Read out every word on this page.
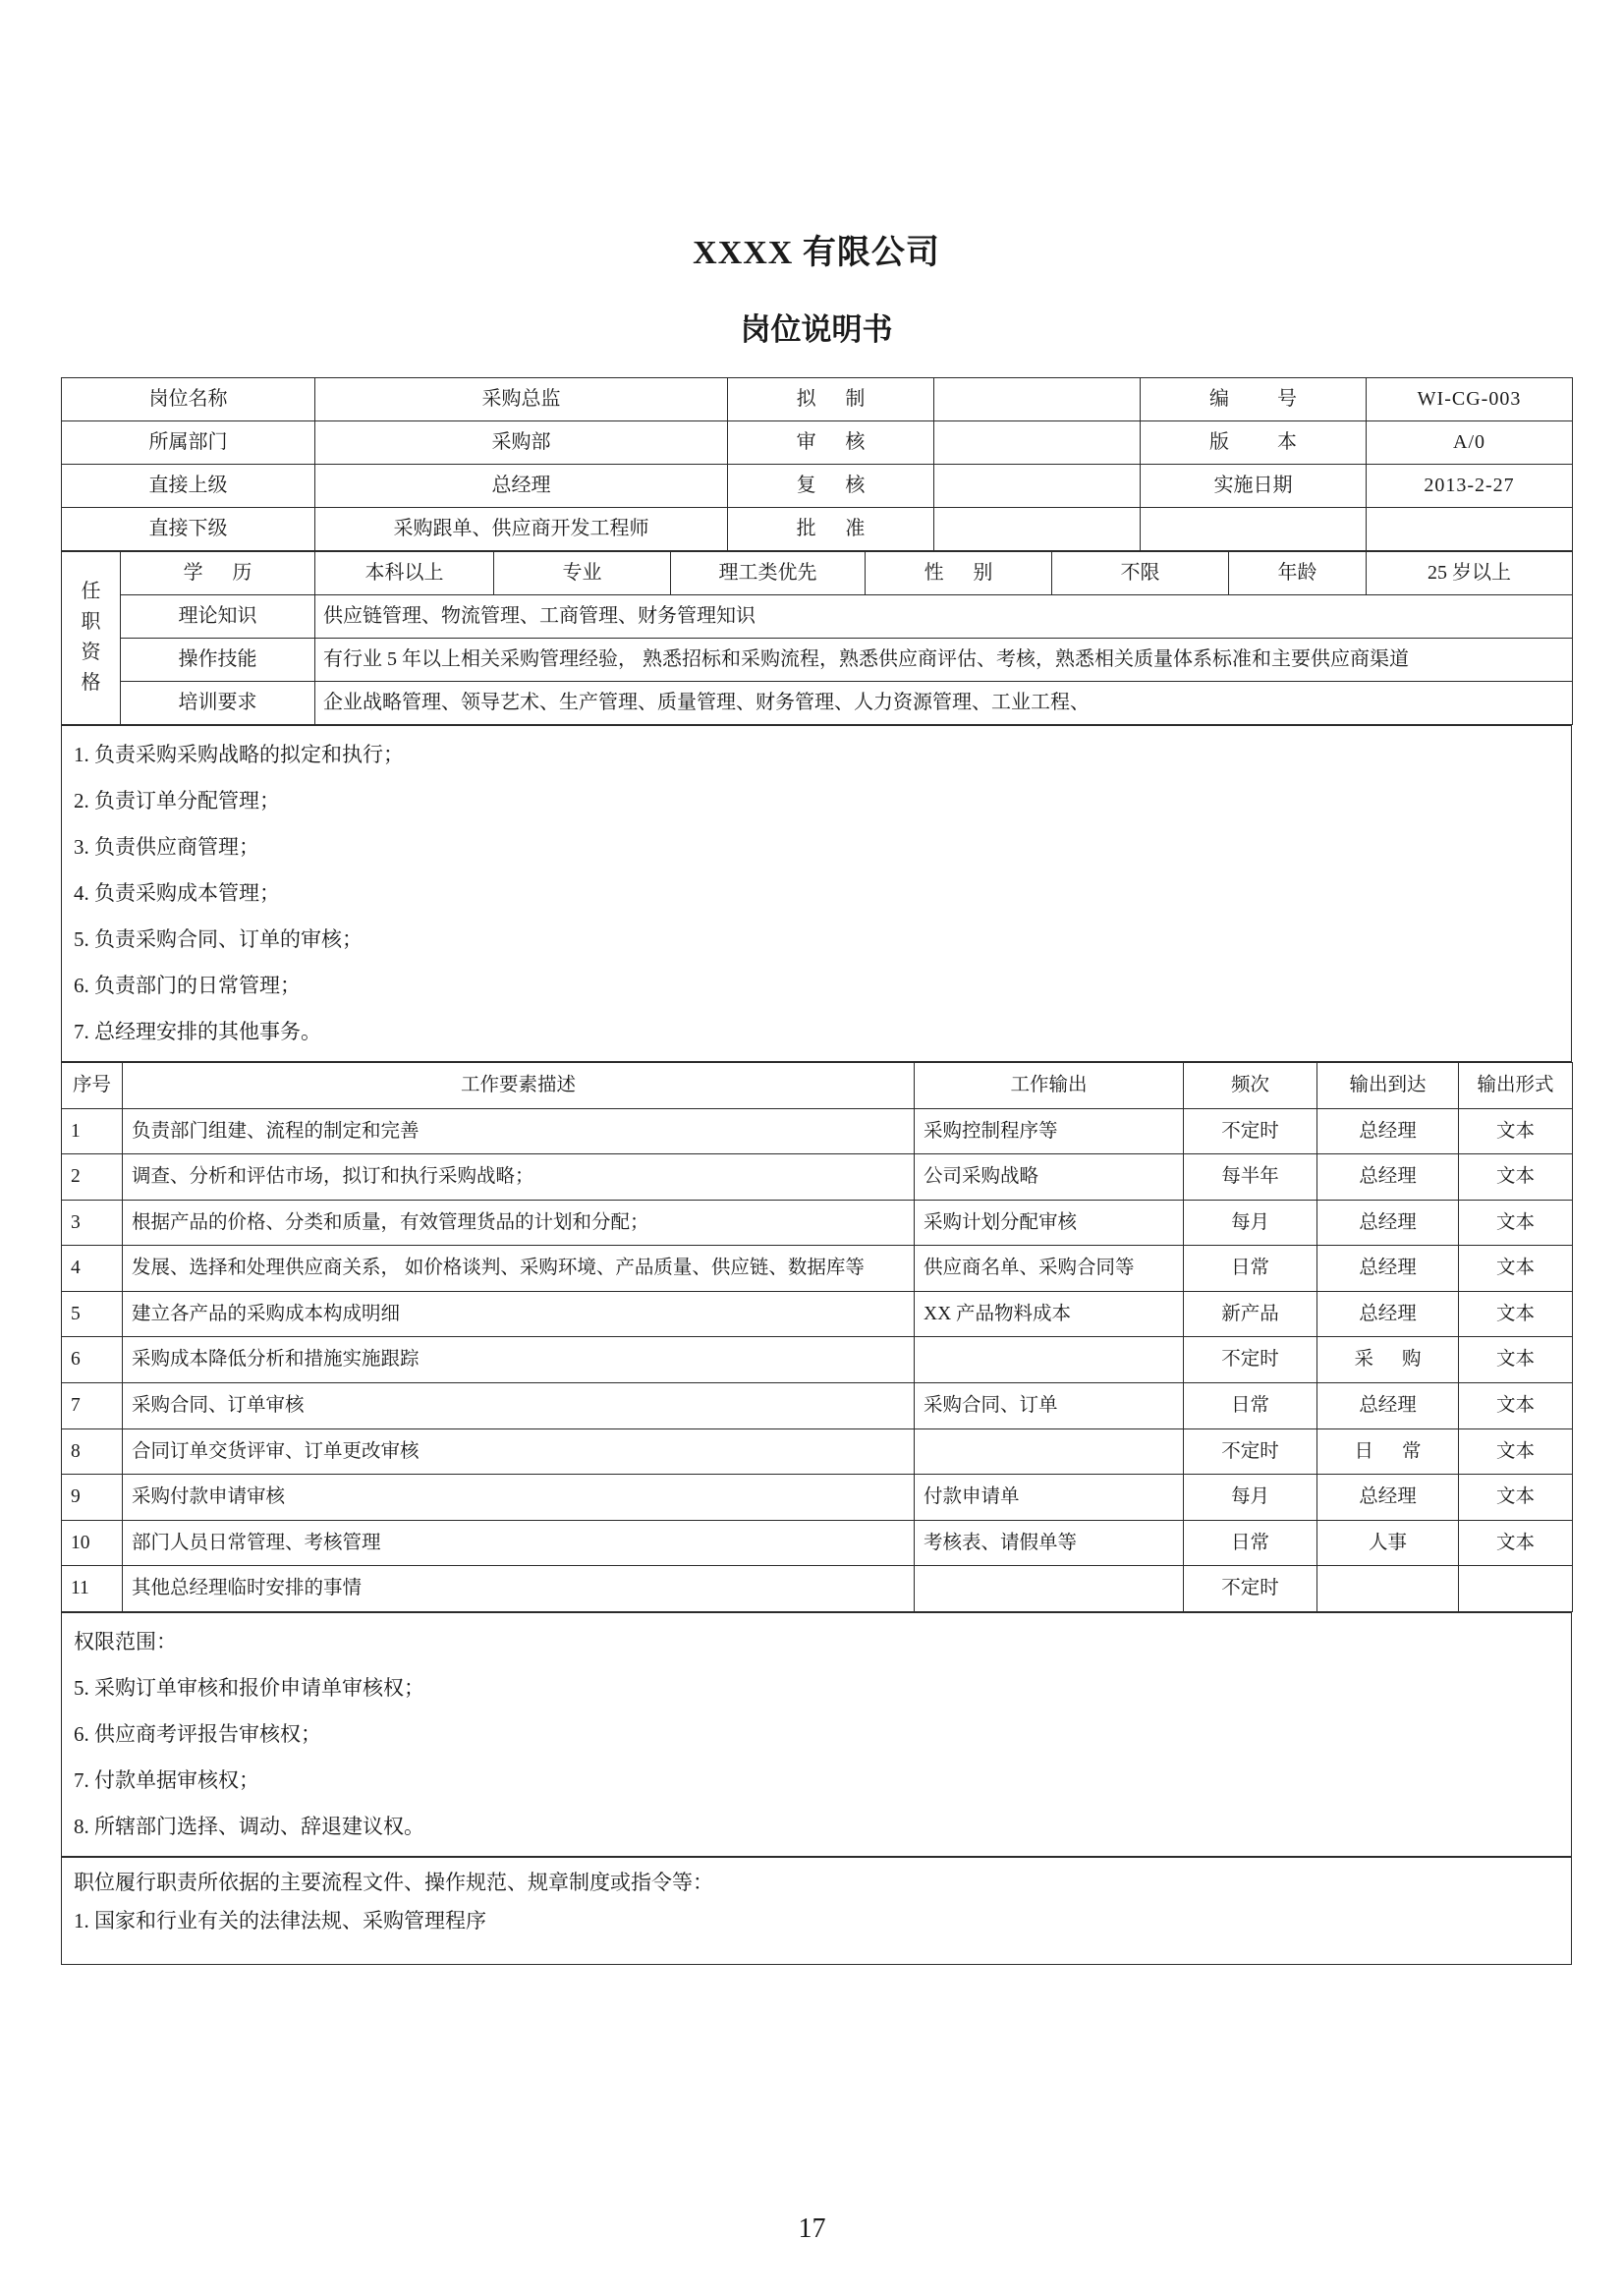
XXXX 有限公司
岗位说明书
岗位名称	采购总监	拟 制		编 号	WI-CG-003
所属部门	采购部	审 核		版 本	A/0
直接上级	总经理	复 核		实施日期	2013-2-27
直接下级	采购跟单、供应商开发工程师	批 准			
任
职
资
格	学 历	本科以上	专业	理工类优先	性 别	不限	年龄	25 岁以上
	理论知识	供应链管理、物流管理、工商管理、财务管理知识						
	操作技能	有行业 5 年以上相关采购管理经验， 熟悉招标和采购流程，熟悉供应商评估、考核，熟悉相关质量体系标准和主要供应商渠道						
	培训要求	企业战略管理、领导艺术、生产管理、质量管理、财务管理、人力资源管理、工业工程、						
1. 负责采购采购战略的拟定和执行；
2. 负责订单分配管理；
3. 负责供应商管理；
4. 负责采购成本管理；
5. 负责采购合同、订单的审核；
6. 负责部门的日常管理；
7. 总经理安排的其他事务。
序号	工作要素描述	工作输出	频次	输出到达	输出形式
1	负责部门组建、流程的制定和完善	采购控制程序等	不定时	总经理	文本
2	调查、分析和评估市场，拟订和执行采购战略；	公司采购战略	每半年	总经理	文本
3	根据产品的价格、分类和质量，有效管理货品的计划和分配；	采购计划分配审核	每月	总经理	文本
4	发展、选择和处理供应商关系， 如价格谈判、采购环境、产品质量、供应链、数据库等	供应商名单、采购合同等	日常	总经理	文本
5	建立各产品的采购成本构成明细	XX 产品物料成本	新产品	总经理	文本
6	采购成本降低分析和措施实施跟踪		不定时	采 购	文本
7	采购合同、订单审核	采购合同、订单	日常	总经理	文本
8	合同订单交货评审、订单更改审核		不定时	日 常	文本
9	采购付款申请审核	付款申请单	每月	总经理	文本
10	部门人员日常管理、考核管理	考核表、请假单等	日常	人事	文本
11	其他总经理临时安排的事情		不定时		
权限范围：
5. 采购订单审核和报价申请单审核权；
6. 供应商考评报告审核权；
7. 付款单据审核权；
8. 所辖部门选择、调动、辞退建议权。
职位履行职责所依据的主要流程文件、操作规范、规章制度或指令等：
1. 国家和行业有关的法律法规、采购管理程序
17
